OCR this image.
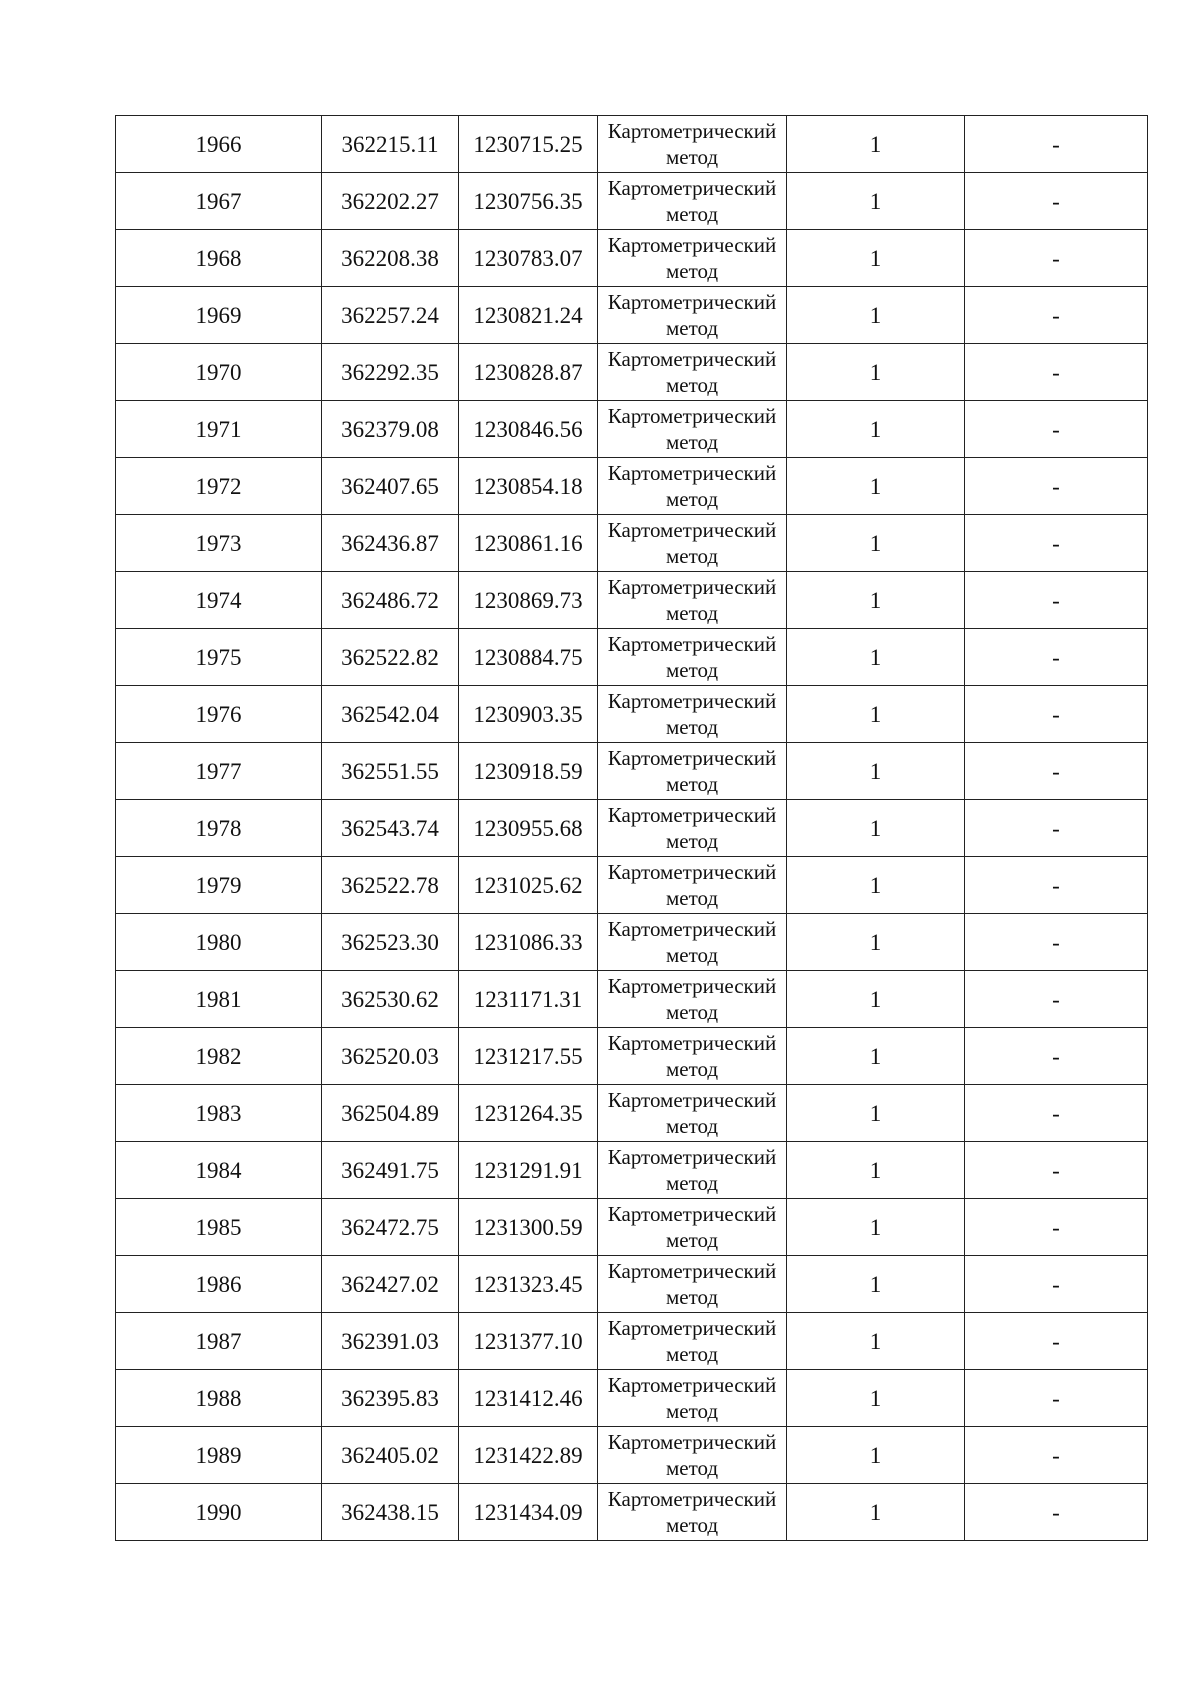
1966	362215.11	1230715.25	Картометрический метод	1	-
1967	362202.27	1230756.35	Картометрический метод	1	-
1968	362208.38	1230783.07	Картометрический метод	1	-
1969	362257.24	1230821.24	Картометрический метод	1	-
1970	362292.35	1230828.87	Картометрический метод	1	-
1971	362379.08	1230846.56	Картометрический метод	1	-
1972	362407.65	1230854.18	Картометрический метод	1	-
1973	362436.87	1230861.16	Картометрический метод	1	-
1974	362486.72	1230869.73	Картометрический метод	1	-
1975	362522.82	1230884.75	Картометрический метод	1	-
1976	362542.04	1230903.35	Картометрический метод	1	-
1977	362551.55	1230918.59	Картометрический метод	1	-
1978	362543.74	1230955.68	Картометрический метод	1	-
1979	362522.78	1231025.62	Картометрический метод	1	-
1980	362523.30	1231086.33	Картометрический метод	1	-
1981	362530.62	1231171.31	Картометрический метод	1	-
1982	362520.03	1231217.55	Картометрический метод	1	-
1983	362504.89	1231264.35	Картометрический метод	1	-
1984	362491.75	1231291.91	Картометрический метод	1	-
1985	362472.75	1231300.59	Картометрический метод	1	-
1986	362427.02	1231323.45	Картометрический метод	1	-
1987	362391.03	1231377.10	Картометрический метод	1	-
1988	362395.83	1231412.46	Картометрический метод	1	-
1989	362405.02	1231422.89	Картометрический метод	1	-
1990	362438.15	1231434.09	Картометрический метод	1	-
